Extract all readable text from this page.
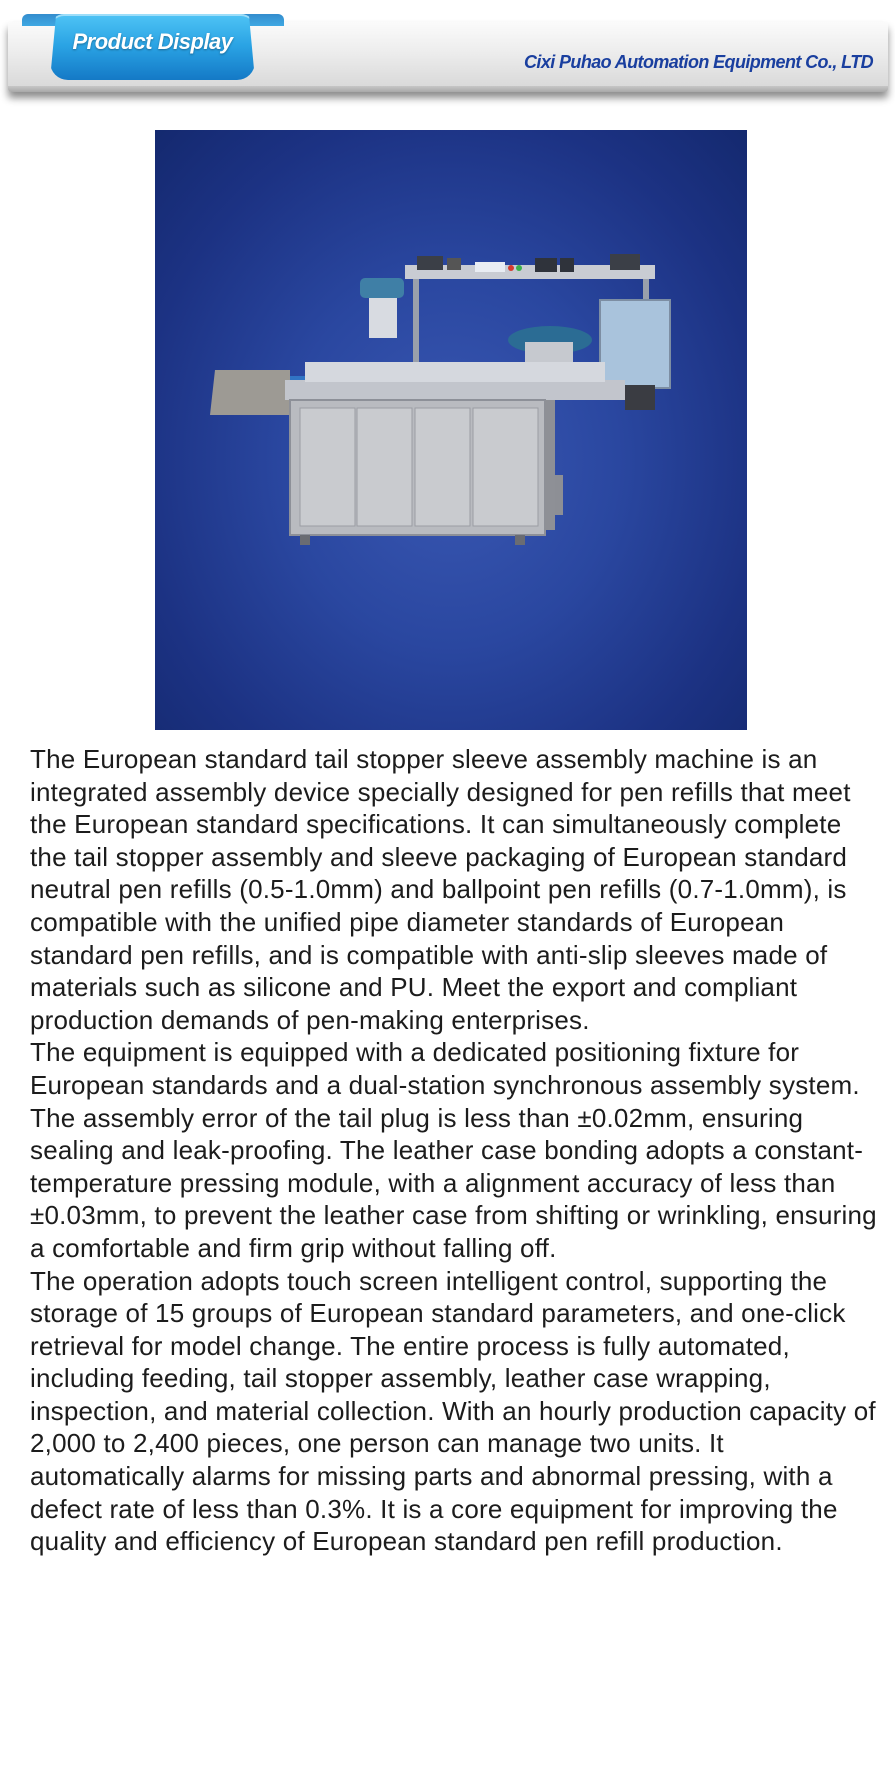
Product Display
Cixi Puhao Automation Equipment Co., LTD

The European standard tail stopper sleeve assembly machine is an integrated assembly device specially designed for pen refills that meet the European standard specifications. It can simultaneously complete the tail stopper assembly and sleeve packaging of European standard neutral pen refills (0.5-1.0mm) and ballpoint pen refills (0.7-1.0mm), is compatible with the unified pipe diameter standards of European standard pen refills, and is compatible with anti-slip sleeves made of materials such as silicone and PU. Meet the export and compliant production demands of pen-making enterprises.

The equipment is equipped with a dedicated positioning fixture for European standards and a dual-station synchronous assembly system. The assembly error of the tail plug is less than ±0.02mm, ensuring sealing and leak-proofing. The leather case bonding adopts a constant-temperature pressing module, with a alignment accuracy of less than ±0.03mm, to prevent the leather case from shifting or wrinkling, ensuring a comfortable and firm grip without falling off.

The operation adopts touch screen intelligent control, supporting the storage of 15 groups of European standard parameters, and one-click retrieval for model change. The entire process is fully automated, including feeding, tail stopper assembly, leather case wrapping, inspection, and material collection. With an hourly production capacity of 2,000 to 2,400 pieces, one person can manage two units. It automatically alarms for missing parts and abnormal pressing, with a defect rate of less than 0.3%. It is a core equipment for improving the quality and efficiency of European standard pen refill production.
